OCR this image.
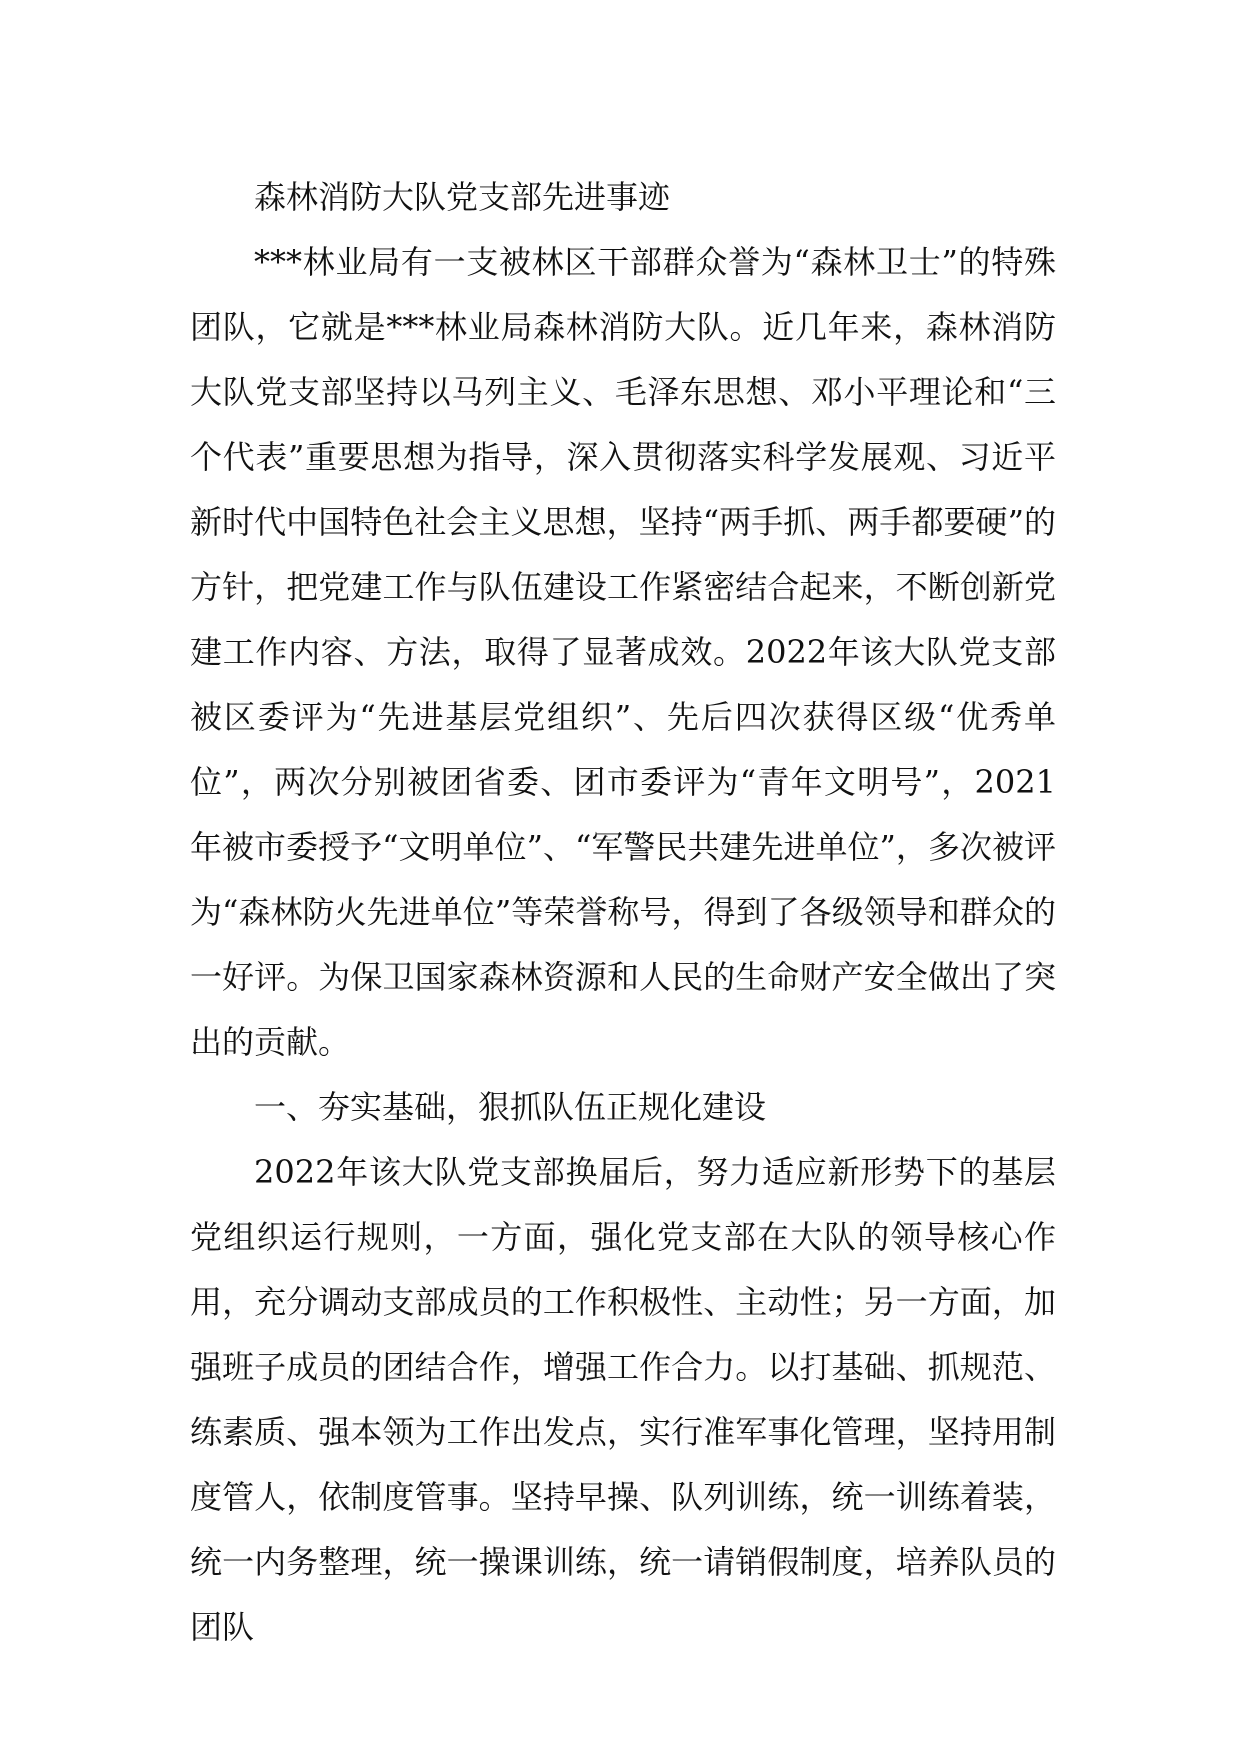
森林消防大队党支部先进事迹

***林业局有一支被林区干部群众誉为“森林卫士”的特殊团队，它就是***林业局森林消防大队。近几年来，森林消防大队党支部坚持以马列主义、毛泽东思想、邓小平理论和“三个代表”重要思想为指导，深入贯彻落实科学发展观、习近平新时代中国特色社会主义思想，坚持“两手抓、两手都要硬”的方针，把党建工作与队伍建设工作紧密结合起来，不断创新党建工作内容、方法，取得了显著成效。2022年该大队党支部被区委评为“先进基层党组织”、先后四次获得区级“优秀单位”，两次分别被团省委、团市委评为“青年文明号”，2021年被市委授予“文明单位”、“军警民共建先进单位”，多次被评为“森林防火先进单位”等荣誉称号，得到了各级领导和群众的一好评。为保卫国家森林资源和人民的生命财产安全做出了突出的贡献。

一、夯实基础，狠抓队伍正规化建设

2022年该大队党支部换届后，努力适应新形势下的基层党组织运行规则，一方面，强化党支部在大队的领导核心作用，充分调动支部成员的工作积极性、主动性；另一方面，加强班子成员的团结合作，增强工作合力。以打基础、抓规范、练素质、强本领为工作出发点，实行准军事化管理，坚持用制度管人，依制度管事。坚持早操、队列训练，统一训练着装，统一内务整理，统一操课训练，统一请销假制度，培养队员的团队
